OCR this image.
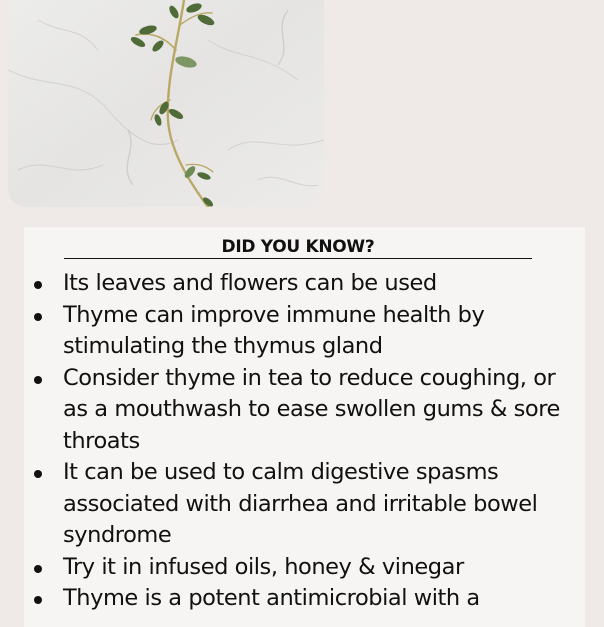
DID YOU KNOW?
Its leaves and flowers can be used
Thyme can improve immune health by stimulating the thymus gland
Consider thyme in tea to reduce coughing, or as a mouthwash to ease swollen gums & sore throats
It can be used to calm digestive spasms associated with diarrhea and irritable bowel syndrome
Try it in infused oils, honey & vinegar
Thyme is a potent antimicrobial with a
